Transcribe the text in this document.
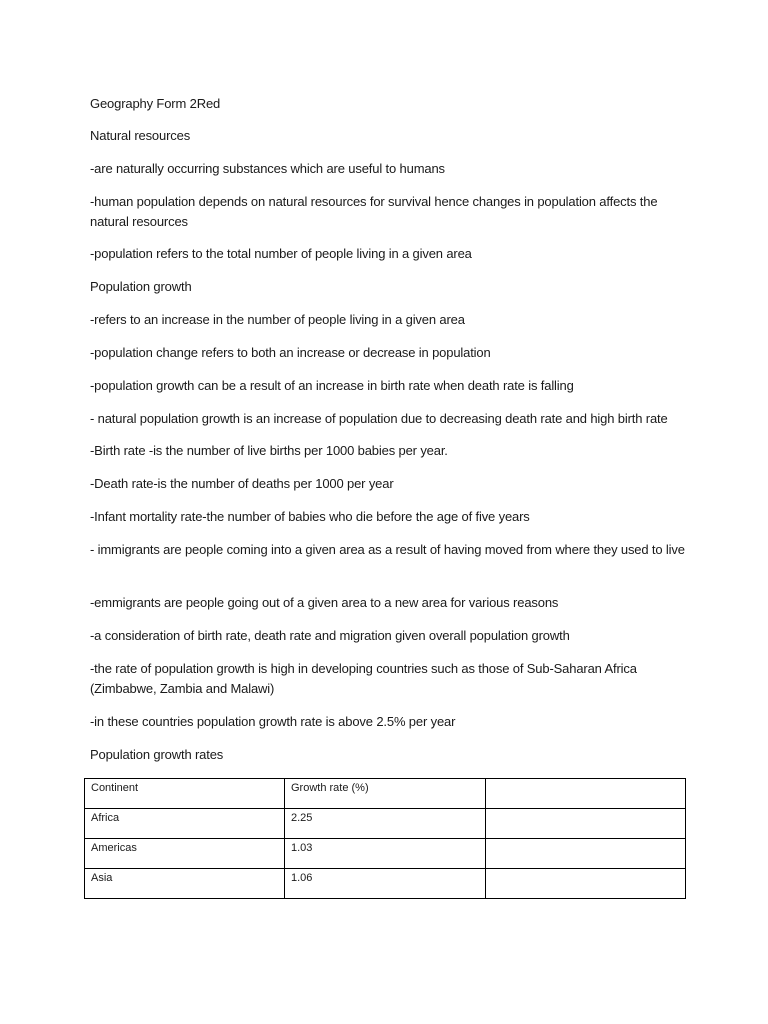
Geography Form 2Red

Natural resources

-are naturally occurring substances which are useful to humans

-human population depends on natural resources for survival hence changes in population affects the natural resources

-population refers to the total number of people living in a given area

Population growth

-refers to an increase in the number of people living in a given area

-population change refers to both an increase or decrease in population

-population growth can be a result of an increase in birth rate when death rate is falling

- natural population growth is an increase of population due to decreasing death rate and high birth rate

-Birth rate -is the number of live births per 1000 babies per year.

-Death rate-is the number of deaths per 1000 per year

-Infant mortality rate-the number of babies who die before the age of five years

- immigrants are people coming into a given area as a result of having moved from where they used to live

-emmigrants are people going out of a given area to a new area for various reasons

-a consideration of birth rate, death rate and migration given overall population growth

-the rate of population growth is high in developing countries such as those of Sub-Saharan Africa (Zimbabwe, Zambia and Malawi)

-in these countries population growth rate is above 2.5% per year

Population growth rates

Continent	Growth rate (%)	
Africa	2.25	
Americas	1.03	
Asia	1.06	
